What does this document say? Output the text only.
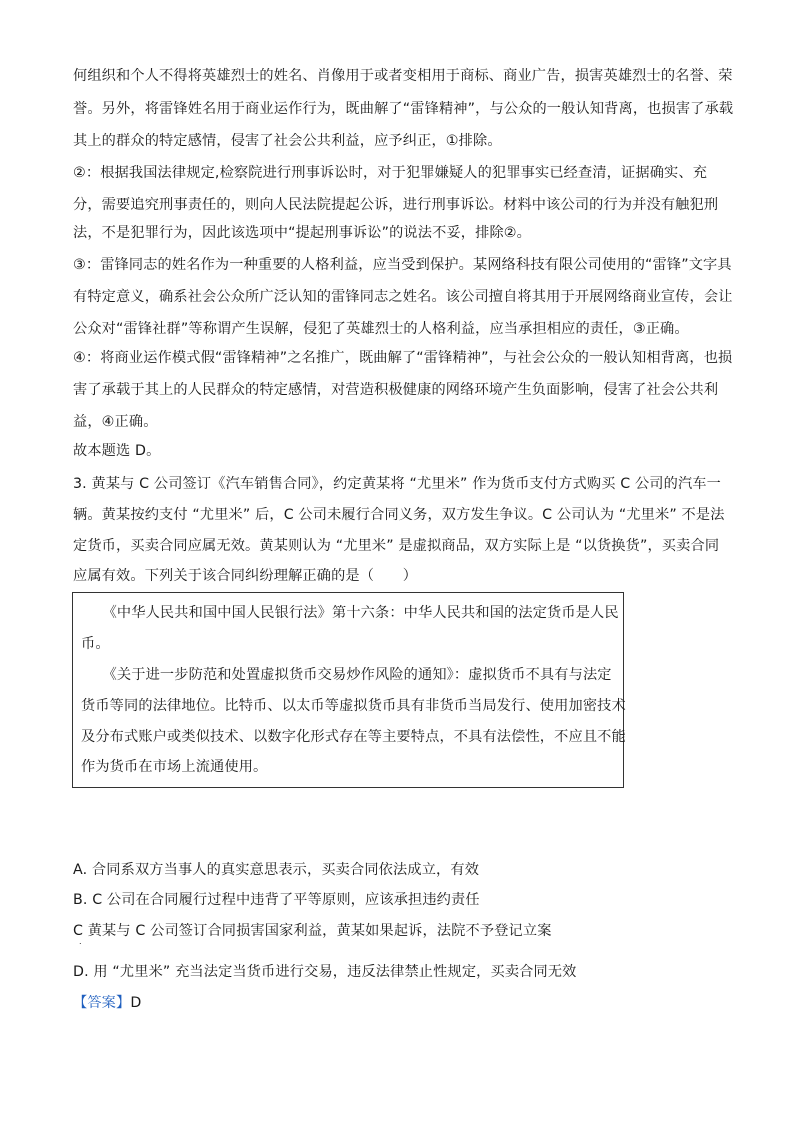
何组织和个人不得将英雄烈士的姓名、肖像用于或者变相用于商标、商业广告，损害英雄烈士的名誉、荣
誉。另外，将雷锋姓名用于商业运作行为，既曲解了“雷锋精神”，与公众的一般认知背离，也损害了承载
其上的群众的特定感情，侵害了社会公共利益，应予纠正，①排除。
②：根据我国法律规定,检察院进行刑事诉讼时，对于犯罪嫌疑人的犯罪事实已经查清，证据确实、充
分，需要追究刑事责任的，则向人民法院提起公诉，进行刑事诉讼。材料中该公司的行为并没有触犯刑
法，不是犯罪行为，因此该选项中“提起刑事诉讼”的说法不妥，排除②。
③：雷锋同志的姓名作为一种重要的人格利益，应当受到保护。某网络科技有限公司使用的“雷锋”文字具
有特定意义，确系社会公众所广泛认知的雷锋同志之姓名。该公司擅自将其用于开展网络商业宣传，会让
公众对“雷锋社群”等称谓产生误解，侵犯了英雄烈士的人格利益，应当承担相应的责任，③正确。
④：将商业运作模式假“雷锋精神”之名推广，既曲解了“雷锋精神”，与社会公众的一般认知相背离，也损
害了承载于其上的人民群众的特定感情，对营造积极健康的网络环境产生负面影响，侵害了社会公共利
益，④正确。
故本题选 D。
3. 黄某与 C 公司签订《汽车销售合同》，约定黄某将 “尤里米” 作为货币支付方式购买 C 公司的汽车一
辆。黄某按约支付 “尤里米” 后，C 公司未履行合同义务，双方发生争议。C 公司认为 “尤里米” 不是法
定货币，买卖合同应属无效。黄某则认为 “尤里米” 是虚拟商品，双方实际上是 “以货换货”，买卖合同
应属有效。下列关于该合同纠纷理解正确的是（　　）
　　《中华人民共和国中国人民银行法》第十六条：中华人民共和国的法定货币是人民
币。
　　《关于进一步防范和处置虚拟货币交易炒作风险的通知》：虚拟货币不具有与法定
货币等同的法律地位。比特币、以太币等虚拟货币具有非货币当局发行、使用加密技术
及分布式账户或类似技术、以数字化形式存在等主要特点，不具有法偿性，不应且不能
作为货币在市场上流通使用。
A. 合同系双方当事人的真实意思表示，买卖合同依法成立，有效
B. C 公司在合同履行过程中违背了平等原则，应该承担违约责任
C 黄某与 C 公司签订合同损害国家利益，黄某如果起诉，法院不予登记立案
.
D. 用 “尤里米” 充当法定当货币进行交易，违反法律禁止性规定，买卖合同无效
【答案】D
